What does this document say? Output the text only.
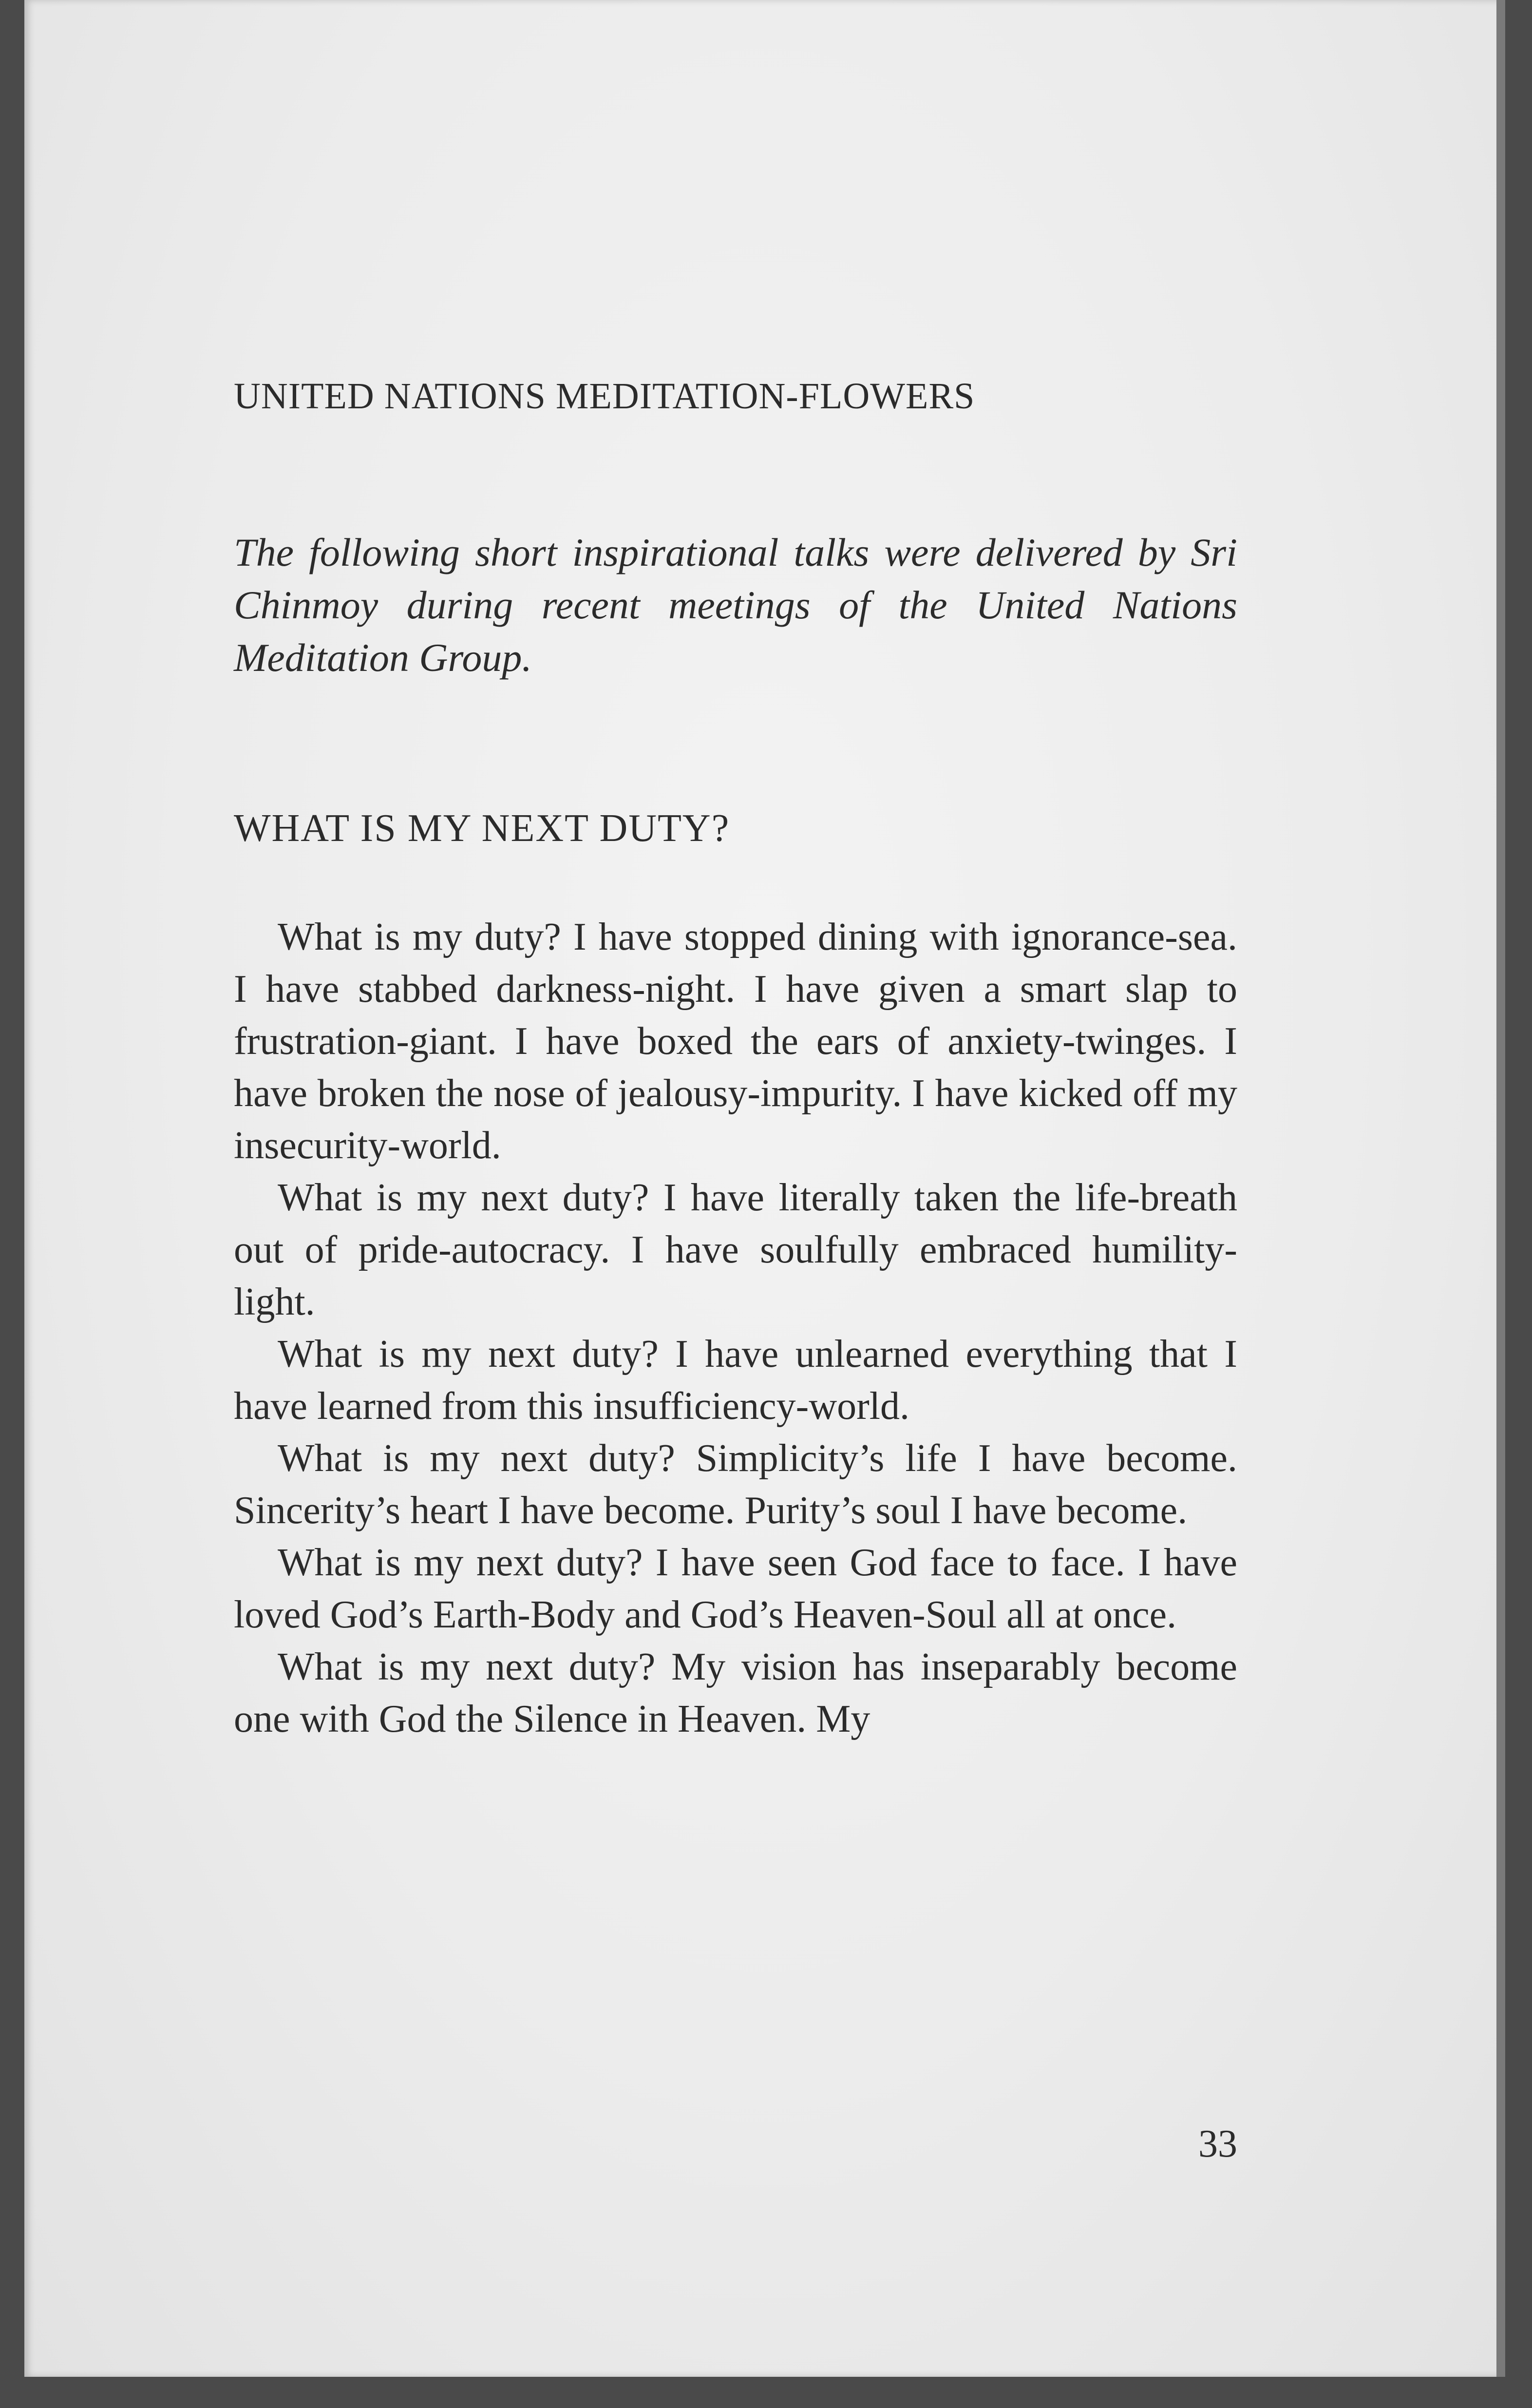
UNITED NATIONS MEDITATION-FLOWERS
The following short inspirational talks were delivered by Sri Chinmoy during recent meetings of the United Nations Meditation Group.
WHAT IS MY NEXT DUTY?

What is my duty? I have stopped dining with ignorance-sea. I have stabbed darkness-night. I have given a smart slap to frustration-giant. I have boxed the ears of anxiety-twinges. I have broken the nose of jealousy-impurity. I have kicked off my insecurity-world.

What is my next duty? I have literally taken the life-breath out of pride-autocracy. I have soulfully embraced humility-light.

What is my next duty? I have unlearned everything that I have learned from this insufficiency-world.

What is my next duty? Simplicity’s life I have become. Sincerity’s heart I have become. Purity’s soul I have become.

What is my next duty? I have seen God face to face. I have loved God’s Earth-Body and God’s Heaven-Soul all at once.

What is my next duty? My vision has inseparably become one with God the Silence in Heaven. My

33
